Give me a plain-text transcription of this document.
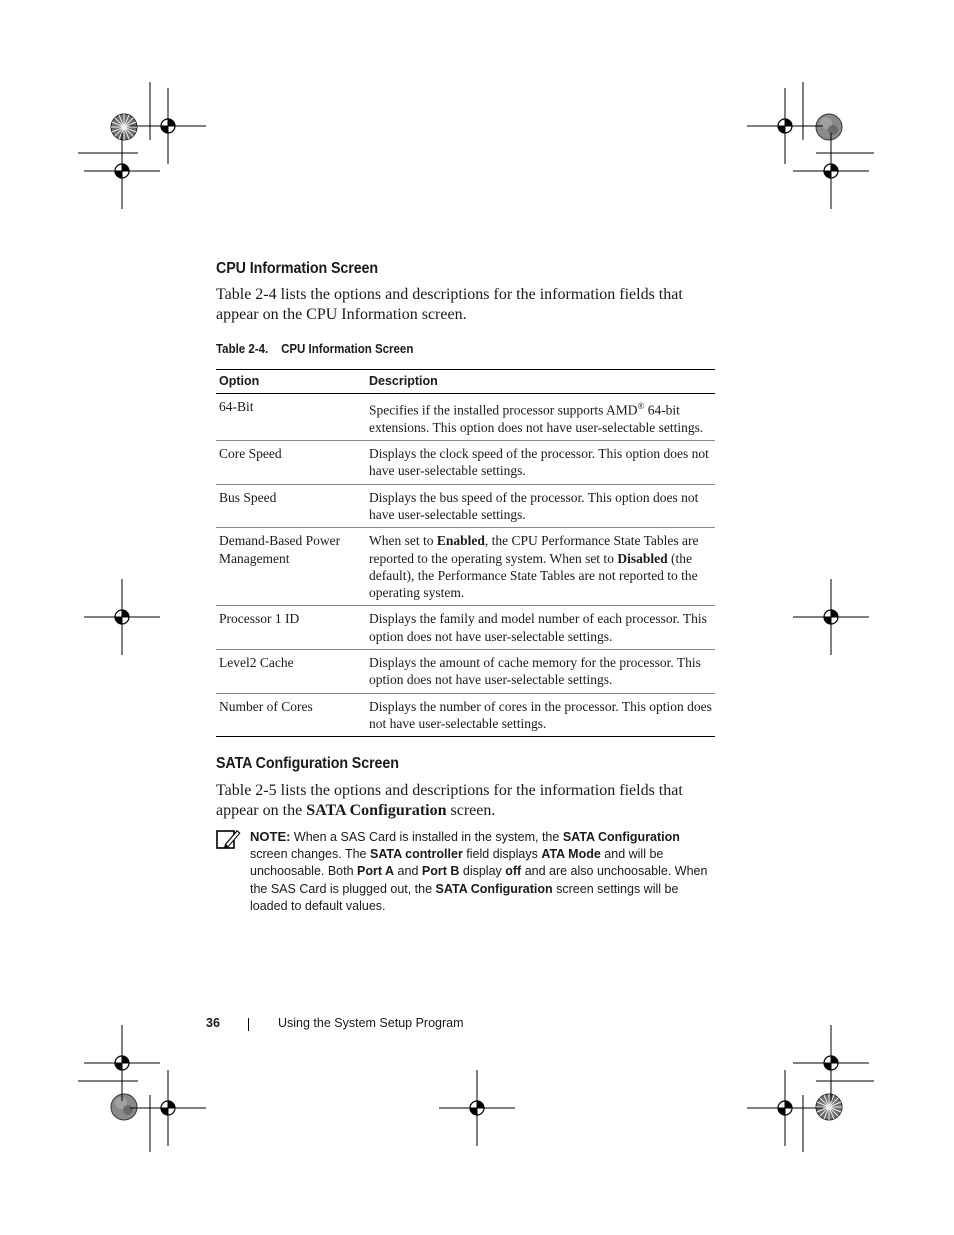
CPU Information Screen
Table 2-4 lists the options and descriptions for the information fields that appear on the CPU Information screen.
Table 2-4. CPU Information Screen
Option	Description
64-Bit	Specifies if the installed processor supports AMD® 64-bit extensions. This option does not have user-selectable settings.
Core Speed	Displays the clock speed of the processor. This option does not have user-selectable settings.
Bus Speed	Displays the bus speed of the processor. This option does not have user-selectable settings.
Demand-Based Power Management	When set to Enabled, the CPU Performance State Tables are reported to the operating system. When set to Disabled (the default), the Performance State Tables are not reported to the operating system.
Processor 1 ID	Displays the family and model number of each processor. This option does not have user-selectable settings.
Level2 Cache	Displays the amount of cache memory for the processor. This option does not have user-selectable settings.
Number of Cores	Displays the number of cores in the processor. This option does not have user-selectable settings.
SATA Configuration Screen
Table 2-5 lists the options and descriptions for the information fields that appear on the SATA Configuration screen.
NOTE: When a SAS Card is installed in the system, the SATA Configuration screen changes. The SATA controller field displays ATA Mode and will be unchoosable. Both Port A and Port B display off and are also unchoosable. When the SAS Card is plugged out, the SATA Configuration screen settings will be loaded to default values.
36	Using the System Setup Program
